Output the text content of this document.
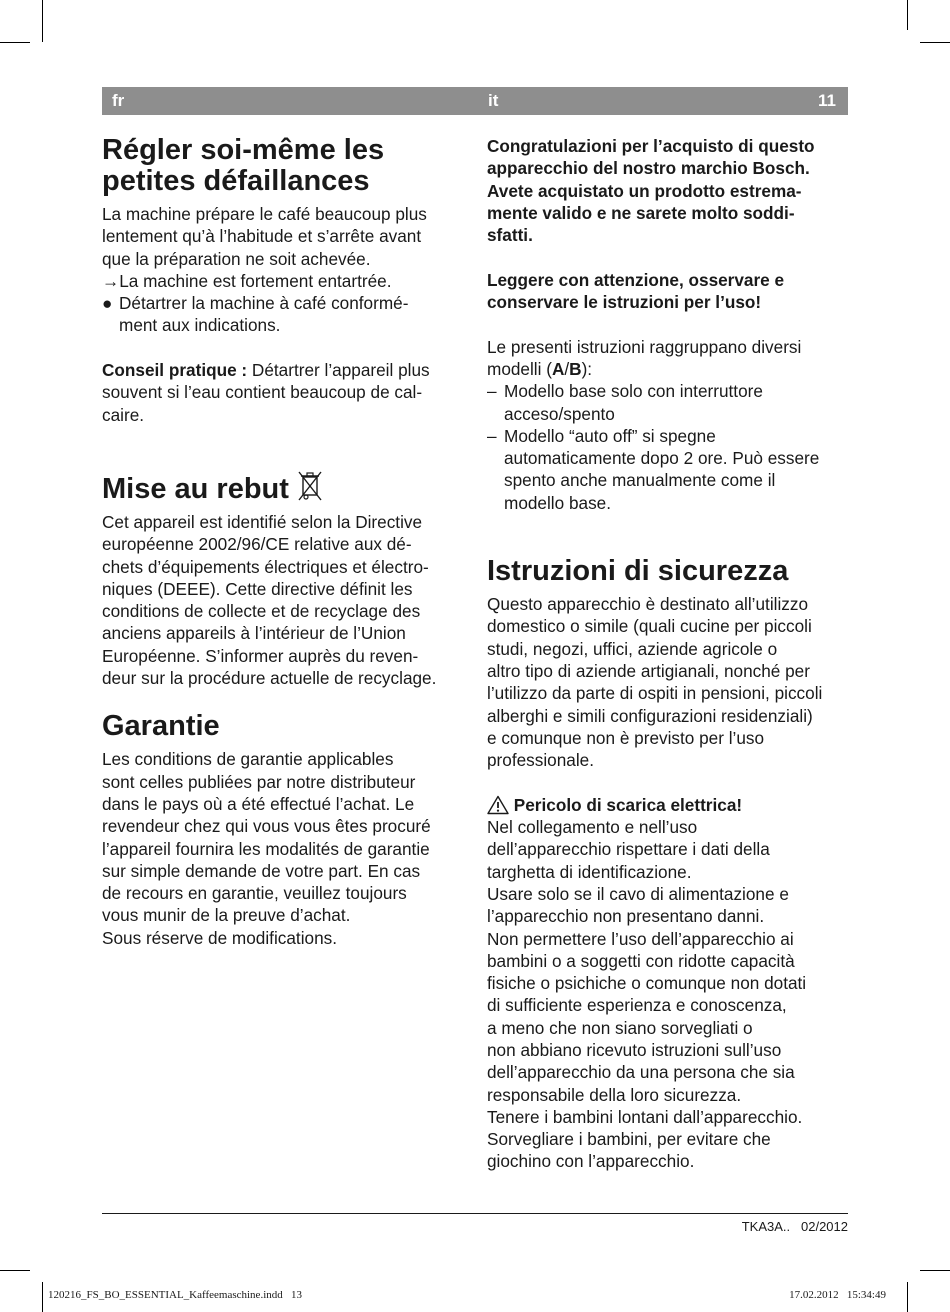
fr	it	11
Régler soi-même les
petites défaillances

La machine prépare le café beaucoup plus
lentement qu’à l’habitude et s’arrête avant
que la préparation ne soit achevée.

→La machine est fortement entartrée.

● Détartrer la machine à café conformé-
ment aux indications.

Conseil pratique : Détartrer l’appareil plus
souvent si l’eau contient beaucoup de cal-
caire.

Mise au rebut

Cet appareil est identifié selon la Directive
européenne 2002/96/CE relative aux dé-
chets d’équipements électriques et électro-
niques (DEEE). Cette directive définit les
conditions de collecte et de recyclage des
anciens appareils à l’intérieur de l’Union
Européenne. S’informer auprès du reven-
deur sur la procédure actuelle de recyclage.

Garantie

Les conditions de garantie applicables
sont celles publiées par notre distributeur
dans le pays où a été effectué l’achat. Le
revendeur chez qui vous vous êtes procuré
l’appareil fournira les modalités de garantie
sur simple demande de votre part. En cas
de recours en garantie, veuillez toujours
vous munir de la preuve d’achat.
Sous réserve de modifications.

Congratulazioni per l’acquisto di questo
apparecchio del nostro marchio Bosch.
Avete acquistato un prodotto estrema-
mente valido e ne sarete molto soddi-
sfatti.

Leggere con attenzione, osservare e
conservare le istruzioni per l’uso!

Le presenti istruzioni raggruppano diversi
modelli (A/B):

– Modello base solo con interruttore
acceso/spento

– Modello “auto off” si spegne
automaticamente dopo 2 ore. Può essere
spento anche manualmente come il
modello base.

Istruzioni di sicurezza

Questo apparecchio è destinato all’utilizzo
domestico o simile (quali cucine per piccoli
studi, negozi, uffici, aziende agricole o
altro tipo di aziende artigianali, nonché per
l’utilizzo da parte di ospiti in pensioni, piccoli
alberghi e simili configurazioni residenziali)
e comunque non è previsto per l’uso
professionale.

Pericolo di scarica elettrica!

Nel collegamento e nell’uso
dell’apparecchio rispettare i dati della
targhetta di identificazione.
Usare solo se il cavo di alimentazione e
l’apparecchio non presentano danni.
Non permettere l’uso dell’apparecchio ai
bambini o a soggetti con ridotte capacità
fisiche o psichiche o comunque non dotati
di sufficiente esperienza e conoscenza,
a meno che non siano sorvegliati o
non abbiano ricevuto istruzioni sull’uso
dell’apparecchio da una persona che sia
responsabile della loro sicurezza.
Tenere i bambini lontani dall’apparecchio.
Sorvegliare i bambini, per evitare che
giochino con l’apparecchio.

TKA3A.. 02/2012
120216_FS_BO_ESSENTIAL_Kaffeemaschine.indd   13	17.02.2012   15:34:49
